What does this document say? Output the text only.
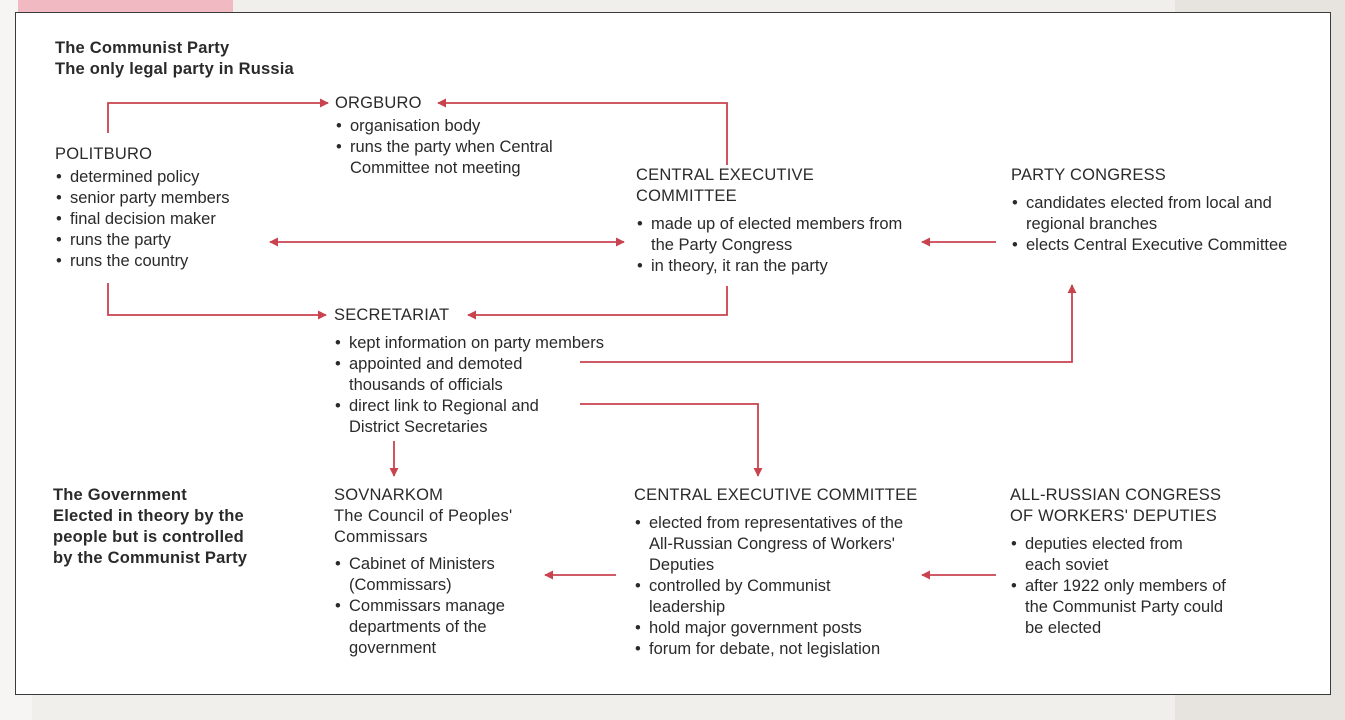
The Communist Party
The only legal party in Russia
ORGBURO
• organisation body
• runs the party when Central Committee not meeting
POLITBURO
• determined policy
• senior party members
• final decision maker
• runs the party
• runs the country
CENTRAL EXECUTIVE
COMMITTEE
• made up of elected members from the Party Congress
• in theory, it ran the party
PARTY CONGRESS
• candidates elected from local and regional branches
• elects Central Executive Committee
SECRETARIAT
• kept information on party members
• appointed and demoted thousands of officials
• direct link to Regional and District Secretaries
The Government
Elected in theory by the
people but is controlled
by the Communist Party
SOVNARKOM
The Council of Peoples'
Commissars
• Cabinet of Ministers (Commissars)
• Commissars manage departments of the government
CENTRAL EXECUTIVE COMMITTEE
• elected from representatives of the All-Russian Congress of Workers' Deputies
• controlled by Communist leadership
• hold major government posts
• forum for debate, not legislation
ALL-RUSSIAN CONGRESS
OF WORKERS' DEPUTIES
• deputies elected from each soviet
• after 1922 only members of the Communist Party could be elected
